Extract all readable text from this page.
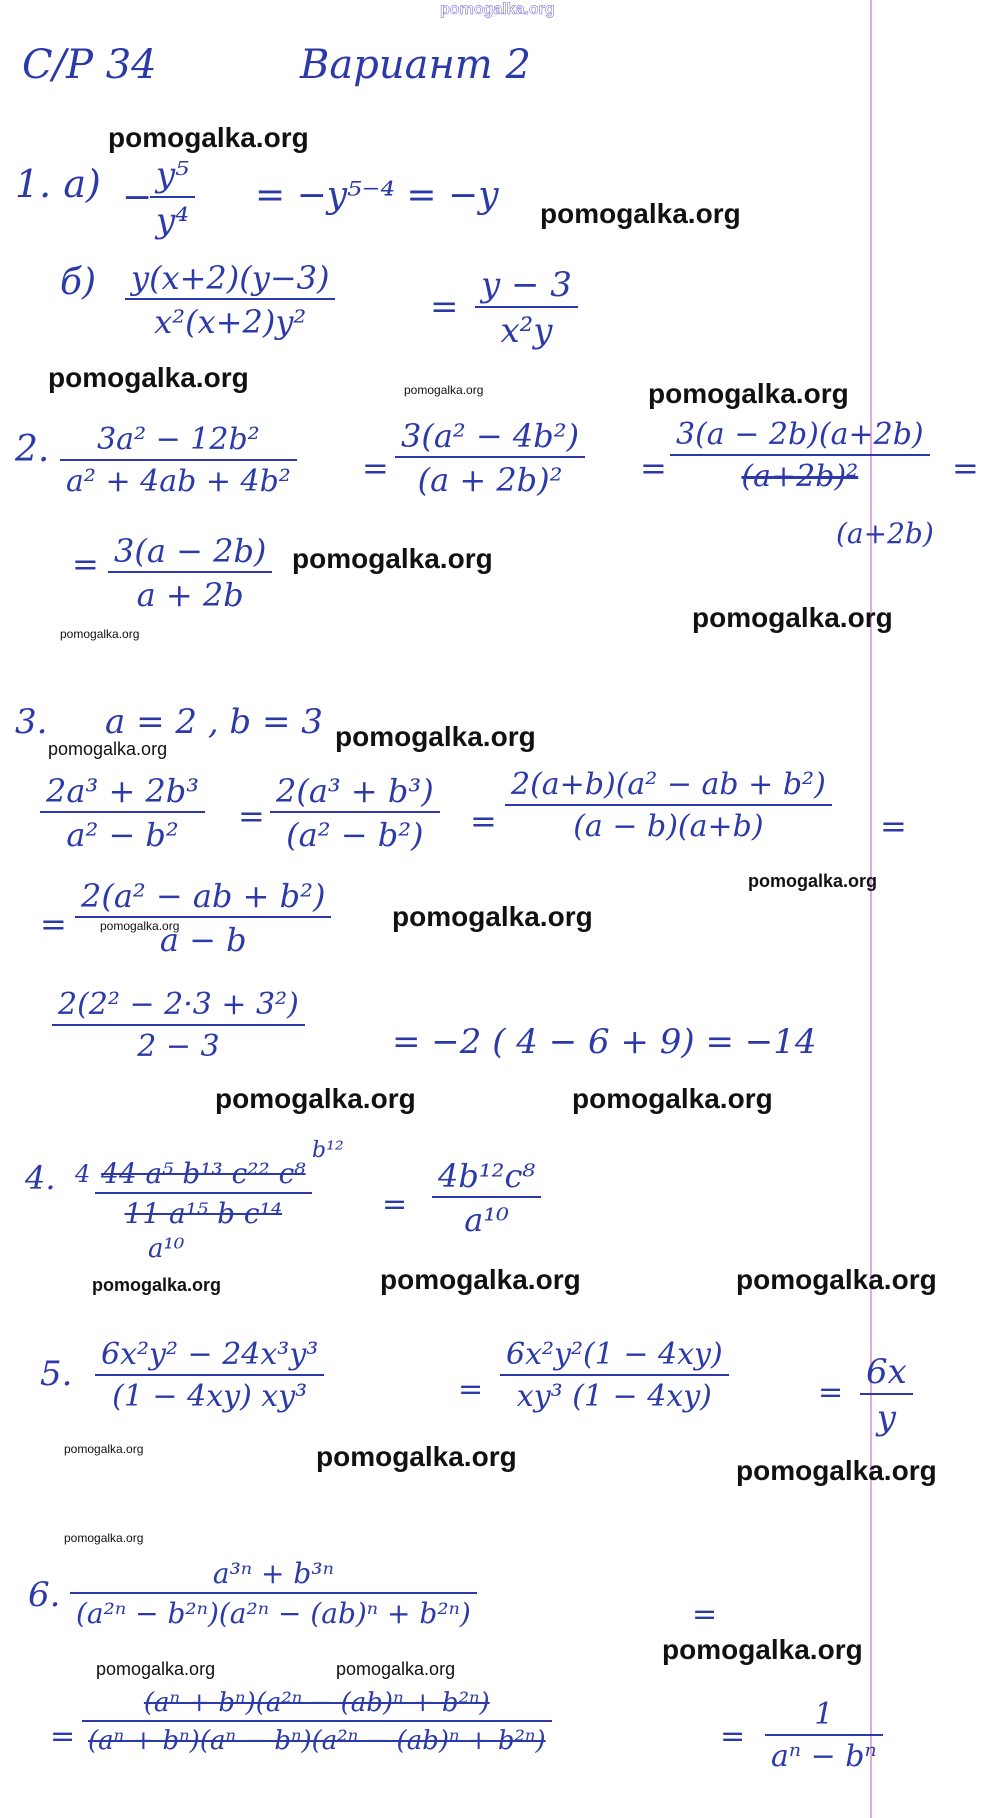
pomogalka.org
С/Р 34	Вариант 2
pomogalka.org
1. а) −
$\frac{\text{y⁵}}{\text{y⁴}} = -y^{5-4} = -y$ pomogalka.org
$б) \frac{y(x+2)(y-3)}{\text{x²(x+2)y²}}$	= $\frac{y - 3}{\text{x²y}}$
pomogalka.org	pomogalka.org	pomogalka.org
2. $\frac{\text{3a² − 12b²}}{\text{a² + 4ab + 4b²}} = \frac{\text{3(a² − 4b²)}}{\text{(a + 2b)²}} = \frac{3(a - 2b)(a+2b)}{\text{(a+2b)²}}$
(a+2b)
=
= $\frac{3(a - 2b)}{a + 2b}$ pomogalka.org
pomogalka.org
pomogalka.org
3. a = 2 , b = 3 pomogalka.org
pomogalka.org
$\frac{\text{2a³ + 2b³}}{\text{a² − b²}} = \frac{\text{2(a³ + b³)}}{\text{(a² − b²)}} = \frac{\text{2(a+b)(a² − ab + b²)}}{(a - b)(a+b)}$ =
pomogalka.org
= $\frac{\text{2(a² − ab + b²)}}{a - b}$
pomogalka.org	pomogalka.org
$\frac{\text{2(2² − 2·3 + 3²)}}{2 - 3}$	= −2 ( 4 − 6 + 9) = −14
pomogalka.org	pomogalka.org
4. 4
b¹²
$\frac{\text{44 a⁵ b¹³ c²² c⁸}}{\text{11 a¹⁵ b c¹⁴}}$
a¹⁰
= $\frac{\text{4b¹²c⁸}}{\text{a¹⁰}}$
pomogalka.org	pomogalka.org	pomogalka.org
5. $\frac{\text{6x²y² − 24x³y³}}{\text{(1 − 4xy) xy³}}$	= $\frac{\text{6x²y²(1 − 4xy)}}{\text{xy³ (1 − 4xy)}}$	= $\frac{6x}{y}$
pomogalka.org	pomogalka.org	pomogalka.org
pomogalka.org
6. $\frac{\text{a³ⁿ + b³ⁿ}}{\text{(a²ⁿ − b²ⁿ)(a²ⁿ − (ab)ⁿ + b²ⁿ)}}$	=
pomogalka.org
pomogalka.org	pomogalka.org
= $\frac{\text{(aⁿ + bⁿ)(a²ⁿ − (ab)ⁿ + b²ⁿ)}}{\text{(aⁿ + bⁿ)(aⁿ − bⁿ)(a²ⁿ − (ab)ⁿ + b²ⁿ)}}$	= $\frac{1}{\text{aⁿ − bⁿ}}$
